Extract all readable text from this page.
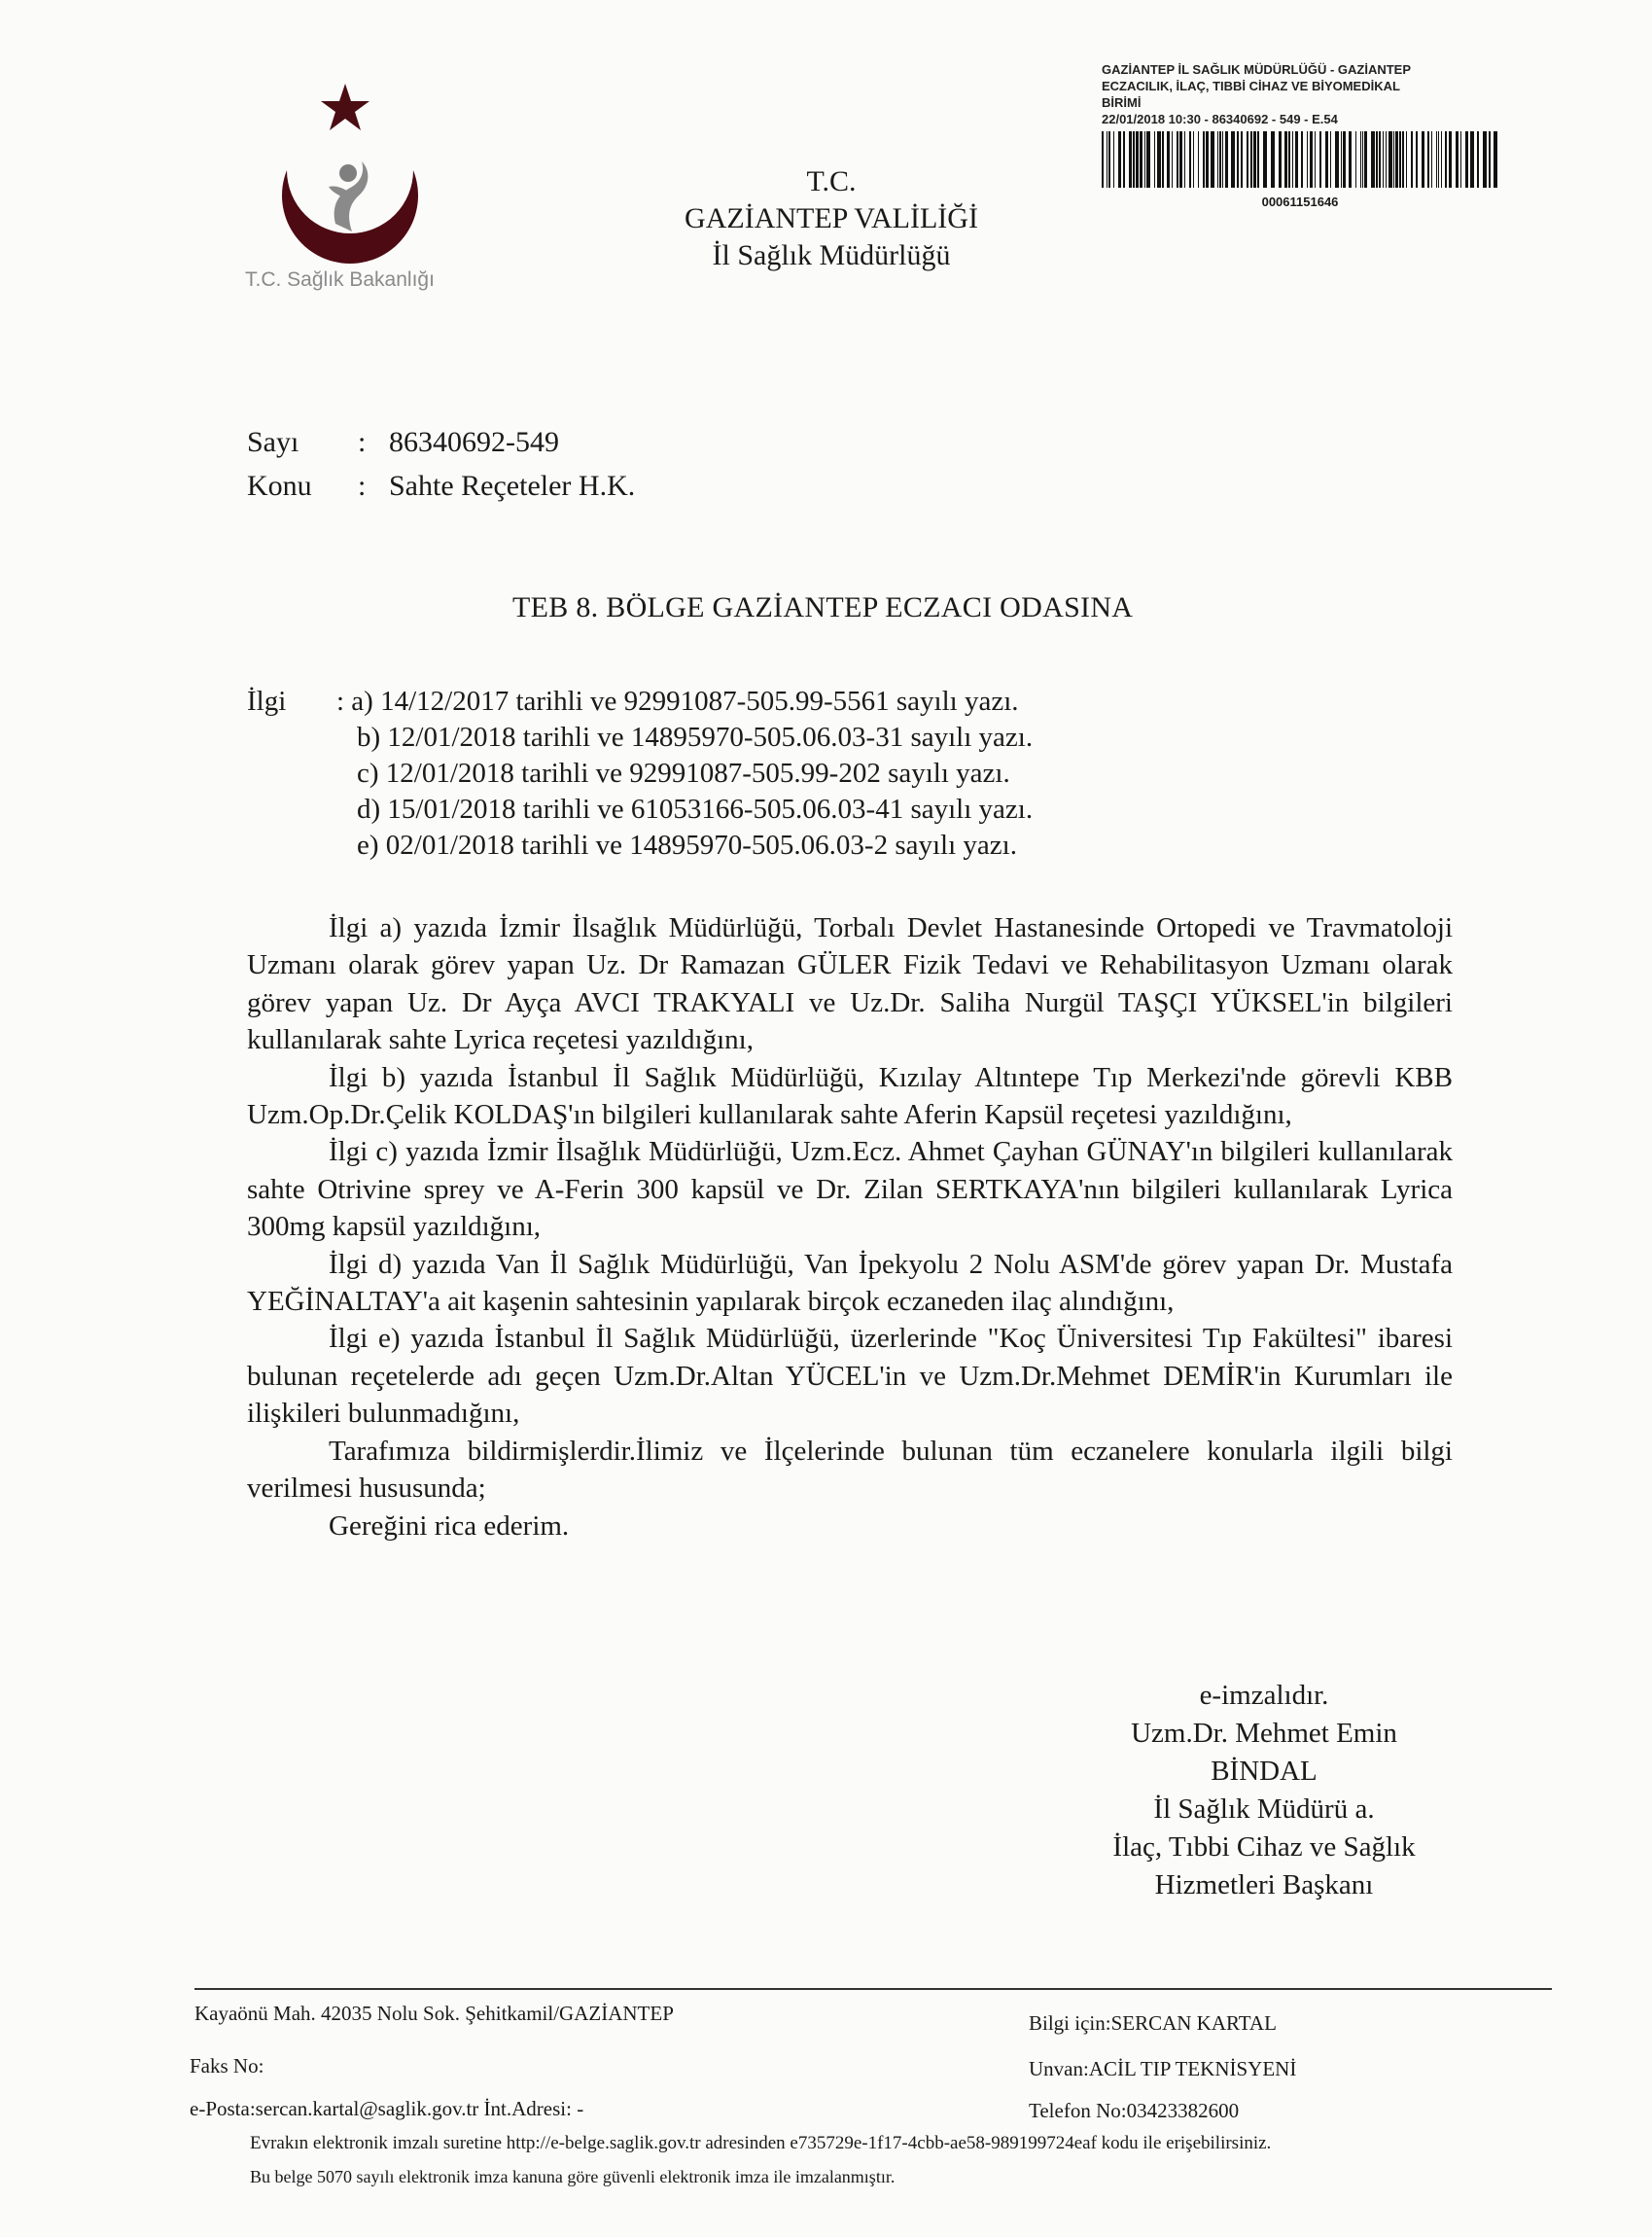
T.C. Sağlık Bakanlığı
T.C.
GAZİANTEP VALİLİĞİ
İl Sağlık Müdürlüğü
GAZİANTEP İL SAĞLIK MÜDÜRLÜĞÜ - GAZİANTEP
ECZACILIK, İLAÇ, TIBBİ CİHAZ VE BİYOMEDİKAL
BİRİMİ
22/01/2018 10:30 - 86340692 - 549 - E.54
00061151646
Sayı	: 86340692-549
Konu	: Sahte Reçeteler H.K.
TEB 8. BÖLGE GAZİANTEP ECZACI ODASINA
İlgi : a) 14/12/2017 tarihli ve 92991087-505.99-5561 sayılı yazı.
b) 12/01/2018 tarihli ve 14895970-505.06.03-31 sayılı yazı.
c) 12/01/2018 tarihli ve 92991087-505.99-202 sayılı yazı.
d) 15/01/2018 tarihli ve 61053166-505.06.03-41 sayılı yazı.
e) 02/01/2018 tarihli ve 14895970-505.06.03-2 sayılı yazı.

İlgi a) yazıda İzmir İlsağlık Müdürlüğü, Torbalı Devlet Hastanesinde Ortopedi ve Travmatoloji Uzmanı olarak görev yapan Uz. Dr Ramazan GÜLER Fizik Tedavi ve Rehabilitasyon Uzmanı olarak görev yapan Uz. Dr Ayça AVCI TRAKYALI ve Uz.Dr. Saliha Nurgül TAŞÇI YÜKSEL'in bilgileri kullanılarak sahte Lyrica reçetesi yazıldığını,

İlgi b) yazıda İstanbul İl Sağlık Müdürlüğü, Kızılay Altıntepe Tıp Merkezi'nde görevli KBB Uzm.Op.Dr.Çelik KOLDAŞ'ın bilgileri kullanılarak sahte Aferin Kapsül reçetesi yazıldığını,

İlgi c) yazıda İzmir İlsağlık Müdürlüğü, Uzm.Ecz. Ahmet Çayhan GÜNAY'ın bilgileri kullanılarak sahte Otrivine sprey ve A-Ferin 300 kapsül ve Dr. Zilan SERTKAYA'nın bilgileri kullanılarak Lyrica 300mg kapsül yazıldığını,

İlgi d) yazıda Van İl Sağlık Müdürlüğü, Van İpekyolu 2 Nolu ASM'de görev yapan Dr. Mustafa YEĞİNALTAY'a ait kaşenin sahtesinin yapılarak birçok eczaneden ilaç alındığını,

İlgi e) yazıda İstanbul İl Sağlık Müdürlüğü, üzerlerinde "Koç Üniversitesi Tıp Fakültesi" ibaresi bulunan reçetelerde adı geçen Uzm.Dr.Altan YÜCEL'in ve Uzm.Dr.Mehmet DEMİR'in Kurumları ile ilişkileri bulunmadığını,

Tarafımıza bildirmişlerdir.İlimiz ve İlçelerinde bulunan tüm eczanelere konularla ilgili bilgi verilmesi hususunda;

Gereğini rica ederim.

e-imzalıdır.
Uzm.Dr. Mehmet Emin
BİNDAL
İl Sağlık Müdürü a.
İlaç, Tıbbi Cihaz ve Sağlık
Hizmetleri Başkanı
Kayaönü Mah. 42035 Nolu Sok. Şehitkamil/GAZİANTEP
Faks No:
e-Posta:sercan.kartal@saglik.gov.tr İnt.Adresi: -
Bilgi için:SERCAN KARTAL
Unvan:ACİL TIP TEKNİSYENİ
Telefon No:03423382600
Evrakın elektronik imzalı suretine http://e-belge.saglik.gov.tr adresinden e735729e-1f17-4cbb-ae58-989199724eaf kodu ile erişebilirsiniz.
Bu belge 5070 sayılı elektronik imza kanuna göre güvenli elektronik imza ile imzalanmıştır.
